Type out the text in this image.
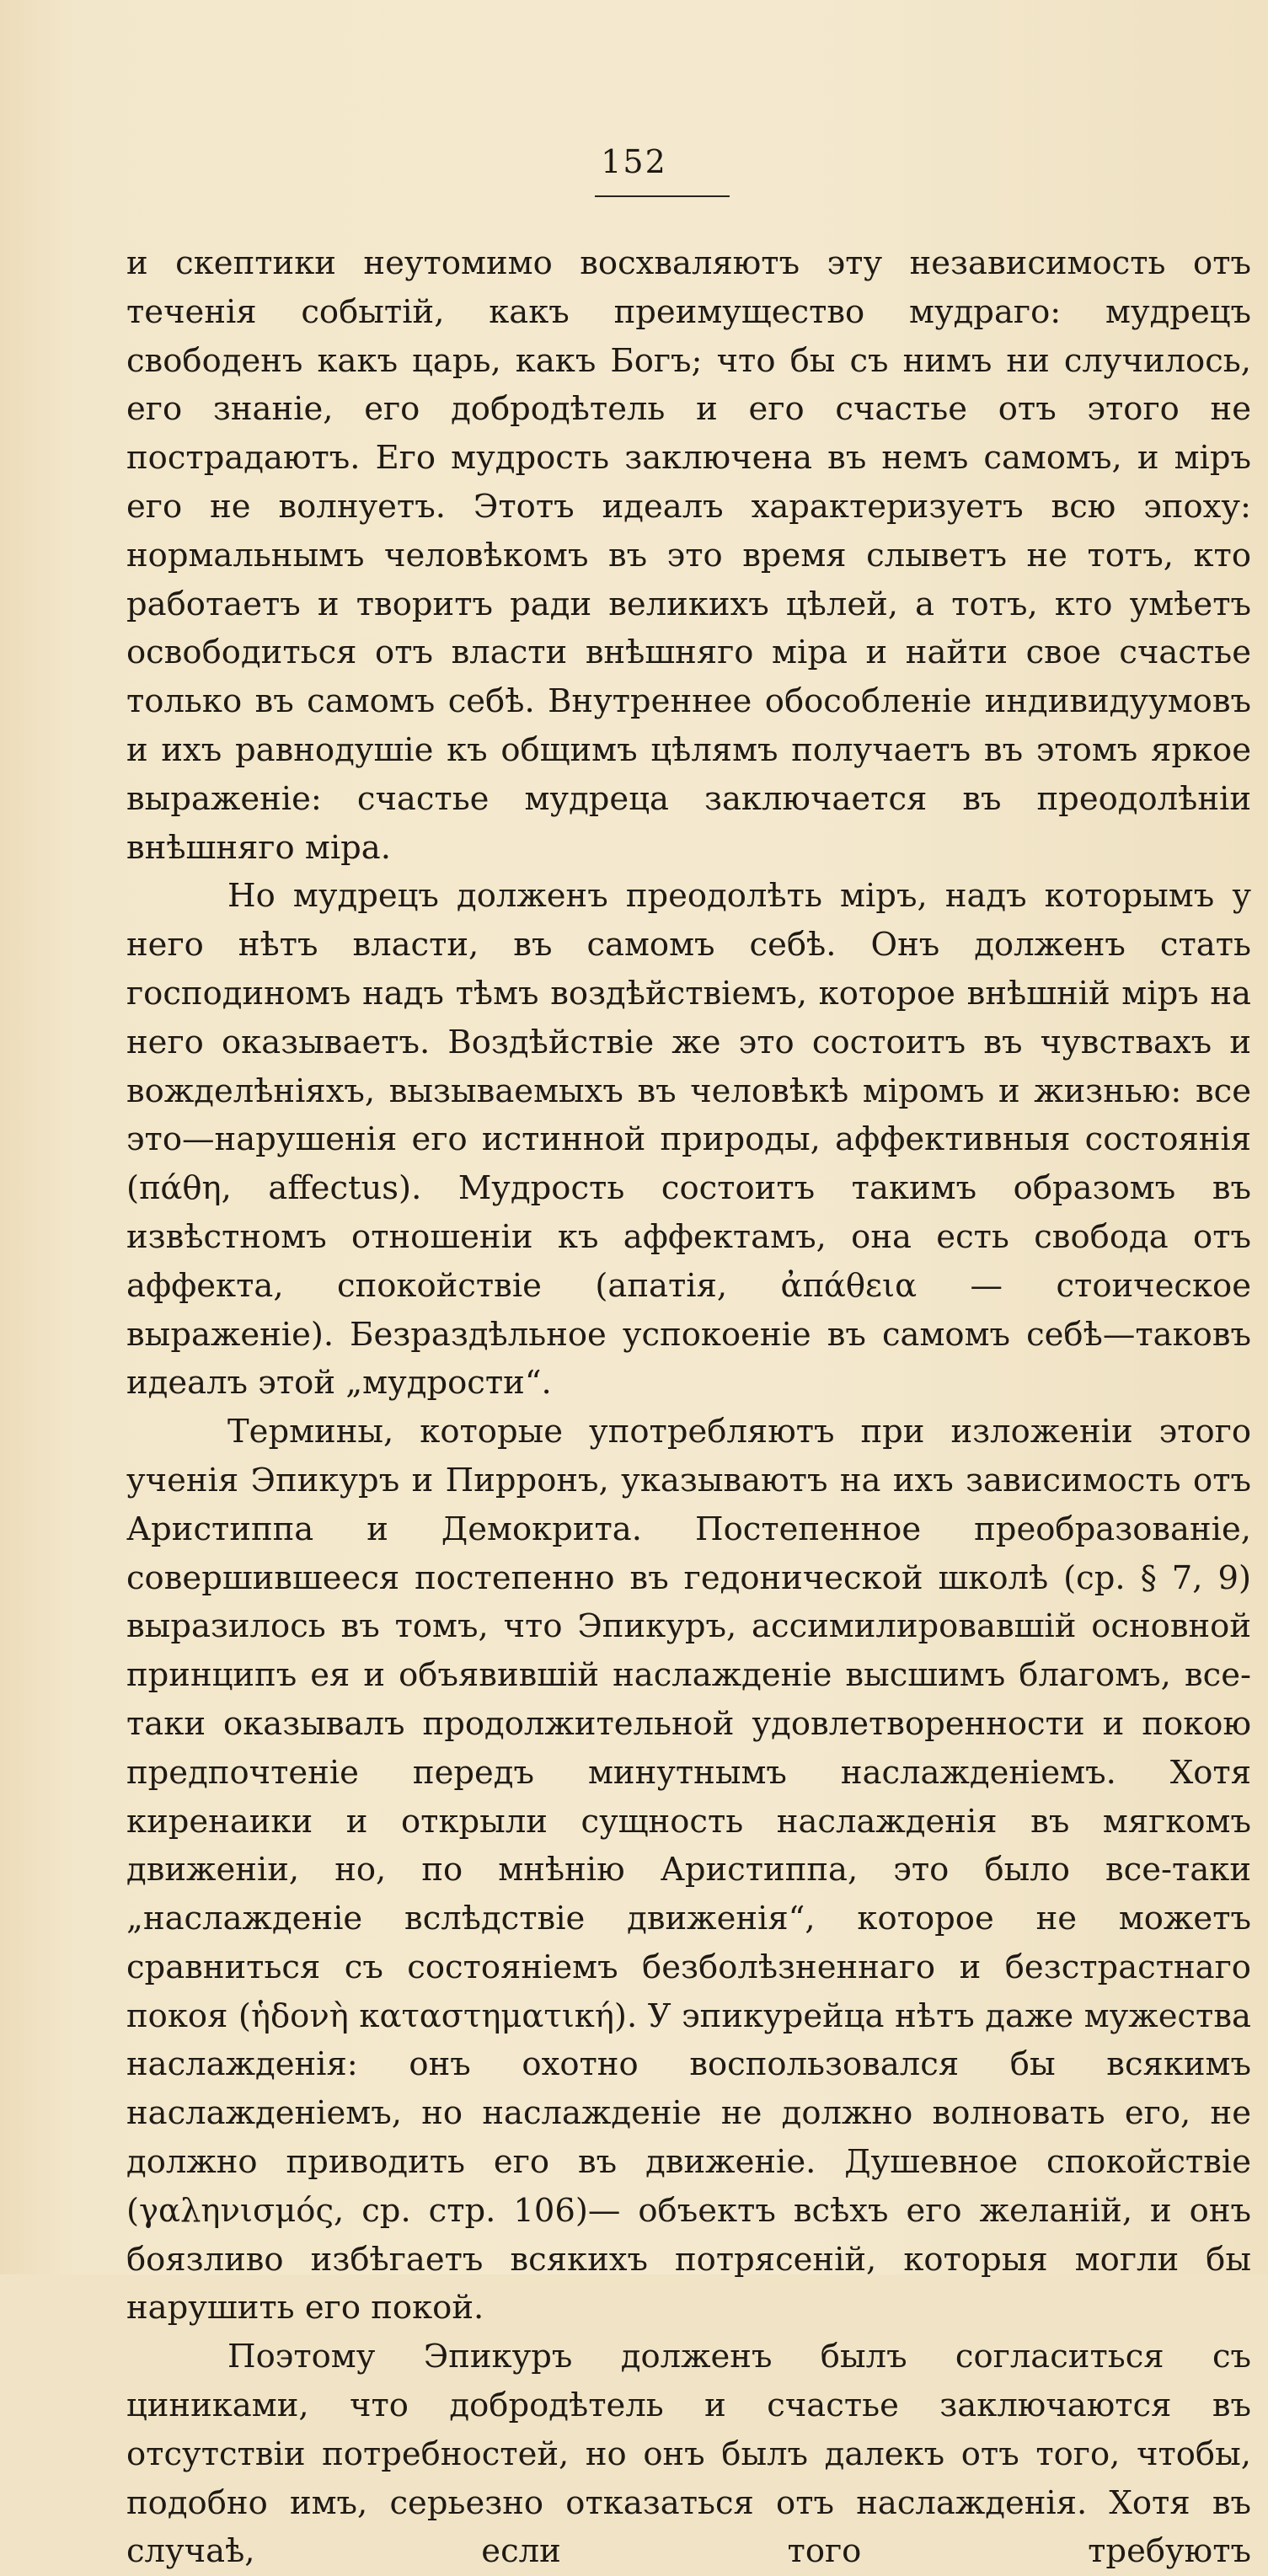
152

и скептики неутомимо восхваляютъ эту независимость отъ теченія событій, какъ преимущество мудраго: мудрецъ свободенъ какъ царь, какъ Богъ; что бы съ нимъ ни случилось, его знаніе, его добродѣтель и его счастье отъ этого не пострадаютъ. Его мудрость заключена въ немъ самомъ, и міръ его не волнуетъ. Этотъ идеалъ характеризуетъ всю эпоху: нормальнымъ человѣкомъ въ это время слыветъ не тотъ, кто работаетъ и творитъ ради великихъ цѣлей, а тотъ, кто умѣетъ освободиться отъ власти внѣшняго міра и найти свое счастье только въ самомъ себѣ. Внутреннее обособленіе индивидуумовъ и ихъ равнодушіе къ общимъ цѣлямъ получаетъ въ этомъ яркое выраженіе: счастье мудреца заключается въ преодолѣніи внѣшняго міра.

Но мудрецъ долженъ преодолѣть міръ, надъ которымъ у него нѣтъ власти, въ самомъ себѣ. Онъ долженъ стать господиномъ надъ тѣмъ воздѣйствіемъ, которое внѣшній міръ на него оказываетъ. Воздѣйствіе же это состоитъ въ чувствахъ и вожделѣніяхъ, вызываемыхъ въ человѣкѣ міромъ и жизнью: все это—нарушенія его истинной природы, аффективныя состоянія (πάθη, affectus). Мудрость состоитъ такимъ образомъ въ извѣстномъ отношеніи къ аффектамъ, она есть свобода отъ аффекта, спокойствіе (апатія, ἀπάθεια — стоическое выраженіе). Безраздѣльное успокоеніе въ самомъ себѣ—таковъ идеалъ этой „мудрости“.

Термины, которые употребляютъ при изложеніи этого ученія Эпикуръ и Пирронъ, указываютъ на ихъ зависимость отъ Аристиппа и Демокрита. Постепенное преобразованіе, совершившееся постепенно въ гедонической школѣ (ср. § 7, 9) выразилось въ томъ, что Эпикуръ, ассимилировавшій основной принципъ ея и объявившій наслажденіе высшимъ благомъ, все-таки оказывалъ продолжительной удовлетворенности и покою предпочтеніе передъ минутнымъ наслажденіемъ. Хотя киренаики и открыли сущность наслажденія въ мягкомъ движеніи, но, по мнѣнію Аристиппа, это было все-таки „наслажденіе вслѣдствіе движенія“, которое не можетъ сравниться съ состояніемъ безболѣзненнаго и безстрастнаго покоя (ἡδονὴ καταστηματική). У эпикурейца нѣтъ даже мужества наслажденія: онъ охотно воспользовался бы всякимъ наслажденіемъ, но наслажденіе не должно волновать его, не должно приводить его въ движеніе. Душевное спокойствіе (γαληνισμός, ср. стр. 106)— объектъ всѣхъ его желаній, и онъ боязливо избѣгаетъ всякихъ потрясеній, которыя могли бы нарушить его покой.

Поэтому Эпикуръ долженъ былъ согласиться съ циниками, что добродѣтель и счастье заключаются въ отсутствіи потребностей, но онъ былъ далекъ отъ того, чтобы, подобно имъ, серьезно отказаться отъ наслажденія. Хотя въ случаѣ, если того требуютъ
